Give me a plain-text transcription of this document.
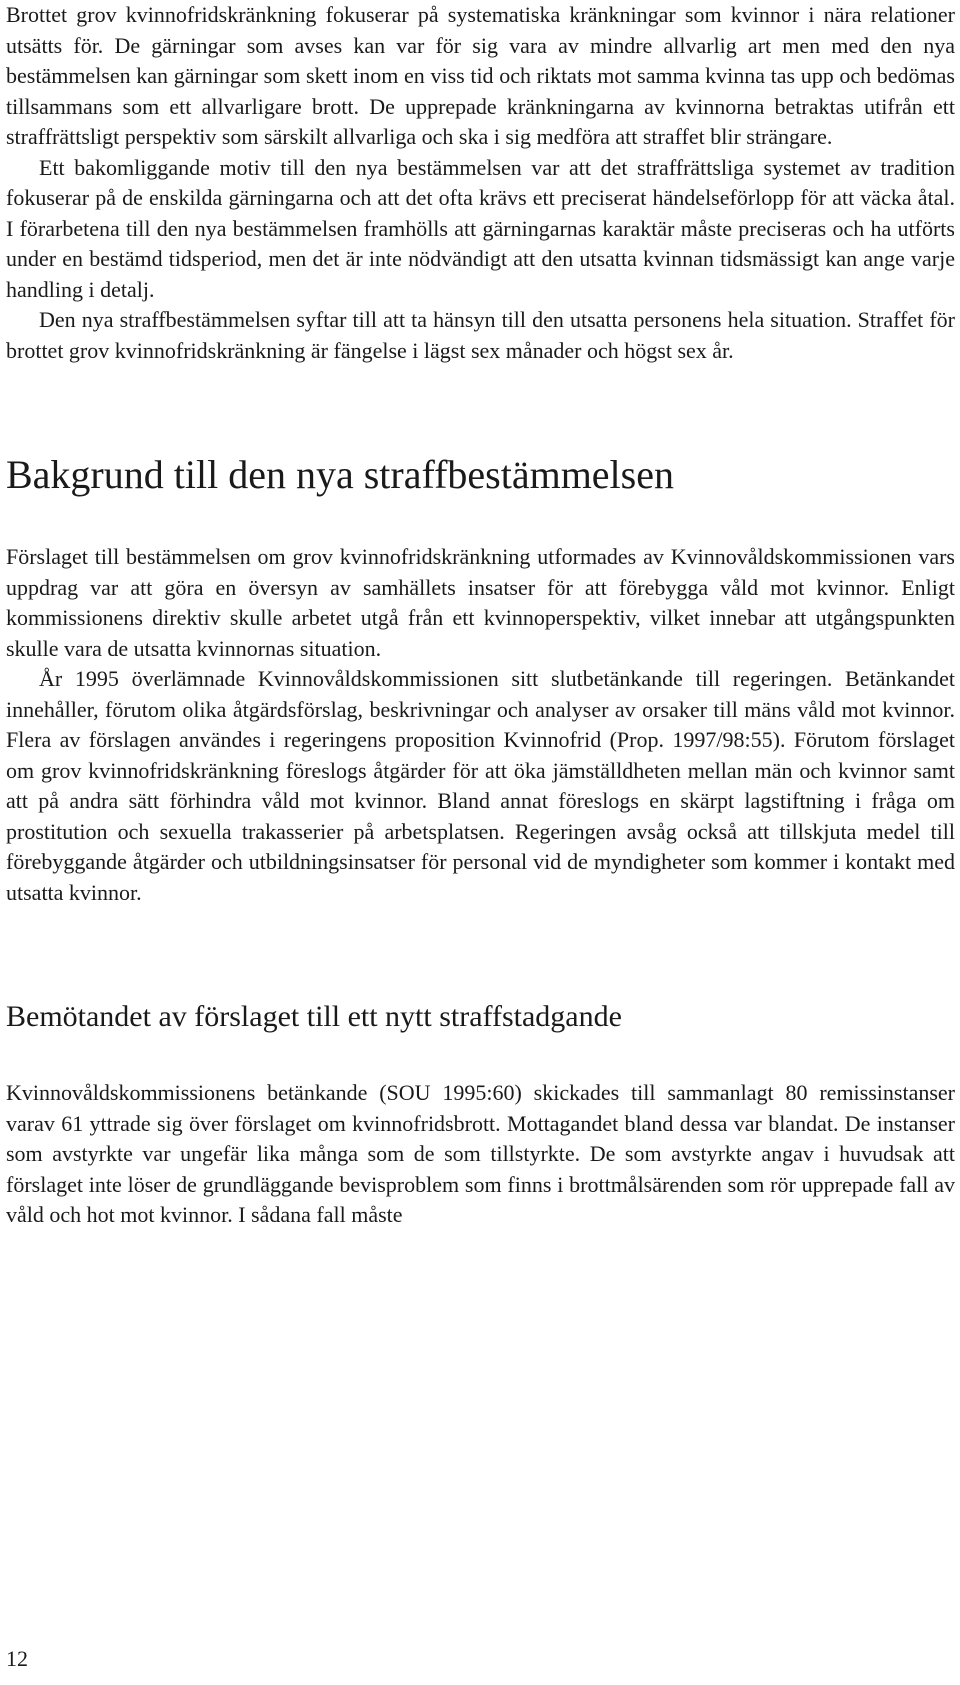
Brottet grov kvinnofridskränkning fokuserar på systematiska kränkningar som kvinnor i nära relationer utsätts för. De gärningar som avses kan var för sig vara av mindre allvarlig art men med den nya bestämmelsen kan gärningar som skett inom en viss tid och riktats mot samma kvinna tas upp och bedömas tillsammans som ett allvarligare brott. De upprepade kränkningarna av kvinnorna betraktas utifrån ett straffrättsligt perspektiv som särskilt allvarliga och ska i sig medföra att straffet blir strängare.

Ett bakomliggande motiv till den nya bestämmelsen var att det straffrättsliga systemet av tradition fokuserar på de enskilda gärningarna och att det ofta krävs ett preciserat händelseförlopp för att väcka åtal. I förarbetena till den nya bestämmelsen framhölls att gärningarnas karaktär måste preciseras och ha utförts under en bestämd tidsperiod, men det är inte nödvändigt att den utsatta kvinnan tidsmässigt kan ange varje handling i detalj.

Den nya straffbestämmelsen syftar till att ta hänsyn till den utsatta personens hela situation. Straffet för brottet grov kvinnofridskränkning är fängelse i lägst sex månader och högst sex år.

Bakgrund till den nya straffbestämmelsen

Förslaget till bestämmelsen om grov kvinnofridskränkning utformades av Kvinnovåldskommissionen vars uppdrag var att göra en översyn av samhällets insatser för att förebygga våld mot kvinnor. Enligt kommissionens direktiv skulle arbetet utgå från ett kvinnoperspektiv, vilket innebar att utgångspunkten skulle vara de utsatta kvinnornas situation.

År 1995 överlämnade Kvinnovåldskommissionen sitt slutbetänkande till regeringen. Betänkandet innehåller, förutom olika åtgärdsförslag, beskrivningar och analyser av orsaker till mäns våld mot kvinnor. Flera av förslagen användes i regeringens proposition Kvinnofrid (Prop. 1997/98:55). Förutom förslaget om grov kvinnofridskränkning föreslogs åtgärder för att öka jämställdheten mellan män och kvinnor samt att på andra sätt förhindra våld mot kvinnor. Bland annat föreslogs en skärpt lagstiftning i fråga om prostitution och sexuella trakasserier på arbetsplatsen. Regeringen avsåg också att tillskjuta medel till förebyggande åtgärder och utbildningsinsatser för personal vid de myndigheter som kommer i kontakt med utsatta kvinnor.

Bemötandet av förslaget till ett nytt straffstadgande

Kvinnovåldskommissionens betänkande (SOU 1995:60) skickades till sammanlagt 80 remissinstanser varav 61 yttrade sig över förslaget om kvinnofridsbrott. Mottagandet bland dessa var blandat. De instanser som avstyrkte var ungefär lika många som de som tillstyrkte. De som avstyrkte angav i huvudsak att förslaget inte löser de grundläggande bevisproblem som finns i brottmålsärenden som rör upprepade fall av våld och hot mot kvinnor. I sådana fall måste

12
